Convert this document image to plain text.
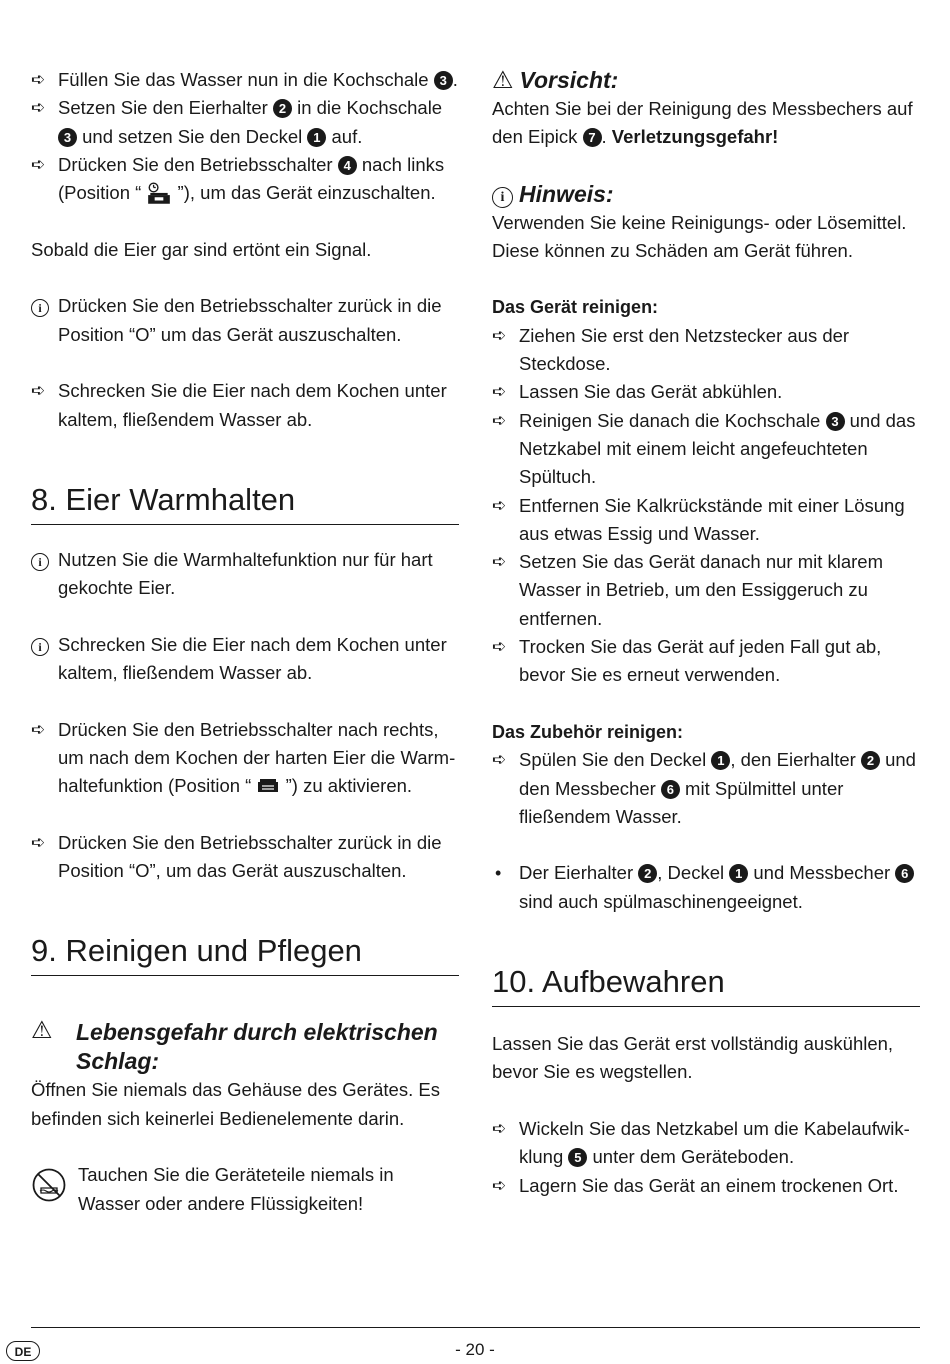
➪ Füllen Sie das Wasser nun in die Kochschale 3 .
➪ Setzen Sie den Eierhalter 2 in die Kochschale 3 und setzen Sie den Deckel 1 auf.
➪ Drücken Sie den Betriebsschalter 4 nach links (Position “  ”), um das Gerät einzuschalten.

Sobald die Eier gar sind ertönt ein Signal.

i Drücken Sie den Betriebsschalter zurück in die Position “O” um das Gerät auszuschalten.
➪ Schrecken Sie die Eier nach dem Kochen unter kaltem, fließendem Wasser ab.
8. Eier Warmhalten
i Nutzen Sie die Warmhaltefunktion nur für hart gekochte Eier.
i Schrecken Sie die Eier nach dem Kochen unter kaltem, fließendem Wasser ab.
➪ Drücken Sie den Betriebsschalter nach rechts, um nach dem Kochen der harten Eier die Warm-haltefunktion (Position “  ”) zu aktivieren.
➪ Drücken Sie den Betriebsschalter zurück in die Position “O”, um das Gerät auszuschalten.
9. Reinigen und Pflegen
⚠ Lebensgefahr durch elektrischen Schlag:

Öffnen Sie niemals das Gehäuse des Gerätes. Es befinden sich keinerlei Bedienelemente darin.

Tauchen Sie die Geräteteile niemals in Wasser oder andere Flüssigkeiten!

⚠ Vorsicht:

Achten Sie bei der Reinigung des Messbechers auf den Eipick 7 . Verletzungsgefahr!

i Hinweis:

Verwenden Sie keine Reinigungs- oder Lösemittel. Diese können zu Schäden am Gerät führen.

Das Gerät reinigen:

➪ Ziehen Sie erst den Netzstecker aus der Steckdose.
➪ Lassen Sie das Gerät abkühlen.
➪ Reinigen Sie danach die Kochschale 3 und das Netzkabel mit einem leicht angefeuchteten Spültuch.
➪ Entfernen Sie Kalkrückstände mit einer Lösung aus etwas Essig und Wasser.
➪ Setzen Sie das Gerät danach nur mit klarem Wasser in Betrieb, um den Essiggeruch zu entfernen.
➪ Trocken Sie das Gerät auf jeden Fall gut ab, bevor Sie es erneut verwenden.

Das Zubehör reinigen:

➪ Spülen Sie den Deckel 1 , den Eierhalter 2 und den Messbecher 6 mit Spülmittel unter fließendem Wasser.
• Der Eierhalter 2 , Deckel 1 und Messbecher 6 sind auch spülmaschinengeeignet.
10. Aufbewahren

Lassen Sie das Gerät erst vollständig auskühlen, bevor Sie es wegstellen.

➪ Wickeln Sie das Netzkabel um die Kabelaufwik-klung 5 unter dem Geräteboden.
➪ Lagern Sie das Gerät an einem trockenen Ort.
DE	- 20 -
